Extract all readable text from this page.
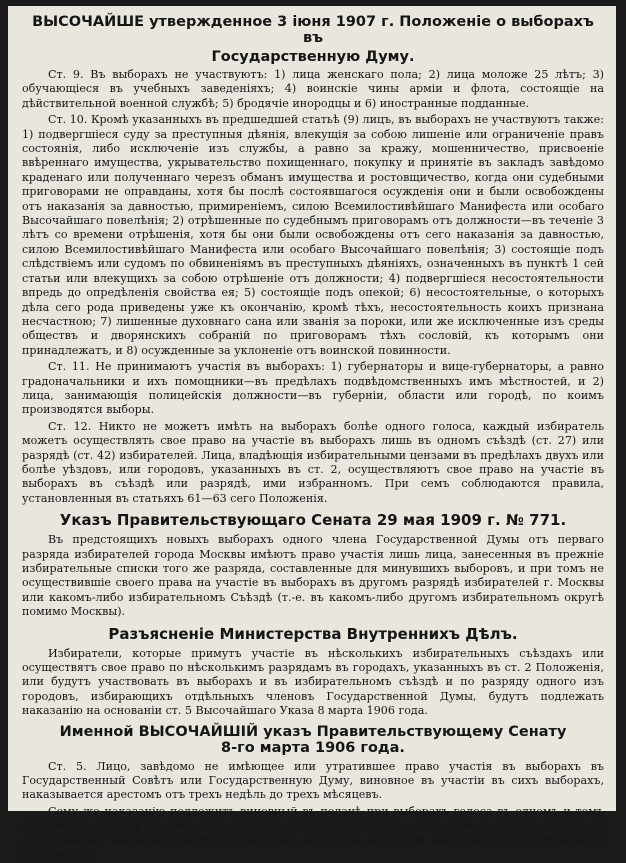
ВЫСОЧАЙШЕ утвержденное 3 iюня 1907 г. Положенiе о выборахъ въ
Государственную Думу.

Ст. 9. Въ выборахъ не участвуютъ: 1) лица женскаго пола; 2) лица моложе 25 лѣтъ; 3) обучающiеся въ учебныхъ заведенiяхъ; 4) воинскiе чины армiи и флота, состоящiе на дѣйствительной военной службѣ; 5) бродячiе инородцы и 6) иностранные подданные.

Ст. 10. Кромѣ указанныхъ въ предшедшей статьѣ (9) лицъ, въ выборахъ не участвуютъ также: 1) подвергшiеся суду за преступныя дѣянiя, влекущiя за собою лишенiе или ограниченiе правъ состоянiя, либо исключенiе изъ службы, а равно за кражу, мошенничество, присвоенiе ввѣреннаго имущества, укрывательство похищеннаго, покупку и принятiе въ закладъ завѣдомо краденаго или полученнаго черезъ обманъ имущества и ростовщичество, когда они судебными приговорами не оправданы, хотя бы послѣ состоявшагося осужденiя они и были освобождены отъ наказанiя за давностью, примиренiемъ, силою Всемилостивѣйшаго Манифеста или особаго Высочайшаго повелѣнiя; 2) отрѣшенные по судебнымъ приговорамъ отъ должности—въ теченiе 3 лѣтъ со времени отрѣшенiя, хотя бы они были освобождены отъ сего наказанiя за давностью, силою Всемилостивѣйшаго Манифеста или особаго Высочайшаго повелѣнiя; 3) состоящiе подъ слѣдствiемъ или судомъ по обвиненiямъ въ преступныхъ дѣянiяхъ, означенныхъ въ пунктѣ 1 сей статьи или влекущихъ за собою отрѣшенiе отъ должности; 4) подвергшiеся несостоятельности впредь до опредѣленiя свойства ея; 5) состоящiе подъ опекой; 6) несостоятельные, о которыхъ дѣла сего рода приведены уже къ окончанiю, кромѣ тѣхъ, несостоятельность коихъ признана несчастною; 7) лишенные духовнаго сана или званiя за пороки, или же исключенные изъ среды обществъ и дворянскихъ собранiй по приговорамъ тѣхъ сословiй, къ которымъ они принадлежатъ, и 8) осужденные за уклоненiе отъ воинской повинности.

Ст. 11. Не принимаютъ участiя въ выборахъ: 1) губернаторы и вице-губернаторы, а равно градоначальники и ихъ помощники—въ предѣлахъ подвѣдомственныхъ имъ мѣстностей, и 2) лица, занимающiя полицейскiя должности—въ губернiи, области или городѣ, по коимъ производятся выборы.

Ст. 12. Никто не можетъ имѣть на выборахъ болѣе одного голоса, каждый избиратель можетъ осуществлять свое право на участiе въ выборахъ лишь въ одномъ съѣздѣ (ст. 27) или разрядѣ (ст. 42) избирателей. Лица, владѣющiя избирательными цензами въ предѣлахъ двухъ или болѣе уѣздовъ, или городовъ, указанныхъ въ ст. 2, осуществляютъ свое право на участiе въ выборахъ въ съѣздѣ или разрядѣ, ими избранномъ. При семъ соблюдаются правила, установленныя въ статьяхъ 61—63 сего Положенiя.

Указъ Правительствующаго Сената 29 мая 1909 г. № 771.

Въ предстоящихъ новыхъ выборахъ одного члена Государственной Думы отъ перваго разряда избирателей города Москвы имѣютъ право участiя лишь лица, занесенныя въ прежнiе избирательные списки того же разряда, составленные для минувшихъ выборовъ, и при томъ не осуществившiе своего права на участiе въ выборахъ въ другомъ разрядѣ избирателей г. Москвы или какомъ-либо избирательномъ Съѣздѣ (т.-е. въ какомъ-либо другомъ избирательномъ округѣ помимо Москвы).

Разъясненiе Министерства Внутреннихъ Дѣлъ.

Избиратели, которые примутъ участiе въ нѣсколькихъ избирательныхъ съѣздахъ или осуществятъ свое право по нѣсколькимъ разрядамъ въ городахъ, указанныхъ въ ст. 2 Положенiя, или будутъ участвовать въ выборахъ и въ избирательномъ съѣздѣ и по разряду одного изъ городовъ, избирающихъ отдѣльныхъ членовъ Государственной Думы, будутъ подлежать наказанiю на основанiи ст. 5 Высочайшаго Указа 8 марта 1906 года.

Именной ВЫСОЧАЙШIЙ указъ Правительствующему Сенату
8-го марта 1906 года.

Ст. 5. Лицо, завѣдомо не имѣющее или утратившее право участiя въ выборахъ въ Государственный Совѣтъ или Государственную Думу, виновное въ участiи въ сихъ выборахъ, наказывается арестомъ отъ трехъ недѣль до трехъ мѣсяцевъ.

Сему же наказанiю подлежитъ виновный въ подачѣ при выборахъ голоса въ одномъ и томъ же избирательномъ участкѣ, собранiи или съѣздѣ болѣе одного раза, или въ подачѣ голоса по допускаемому закономъ участiю въ выборахъ за другое лицо, при завѣдомомъ отсутствiи на то полномочiя.
